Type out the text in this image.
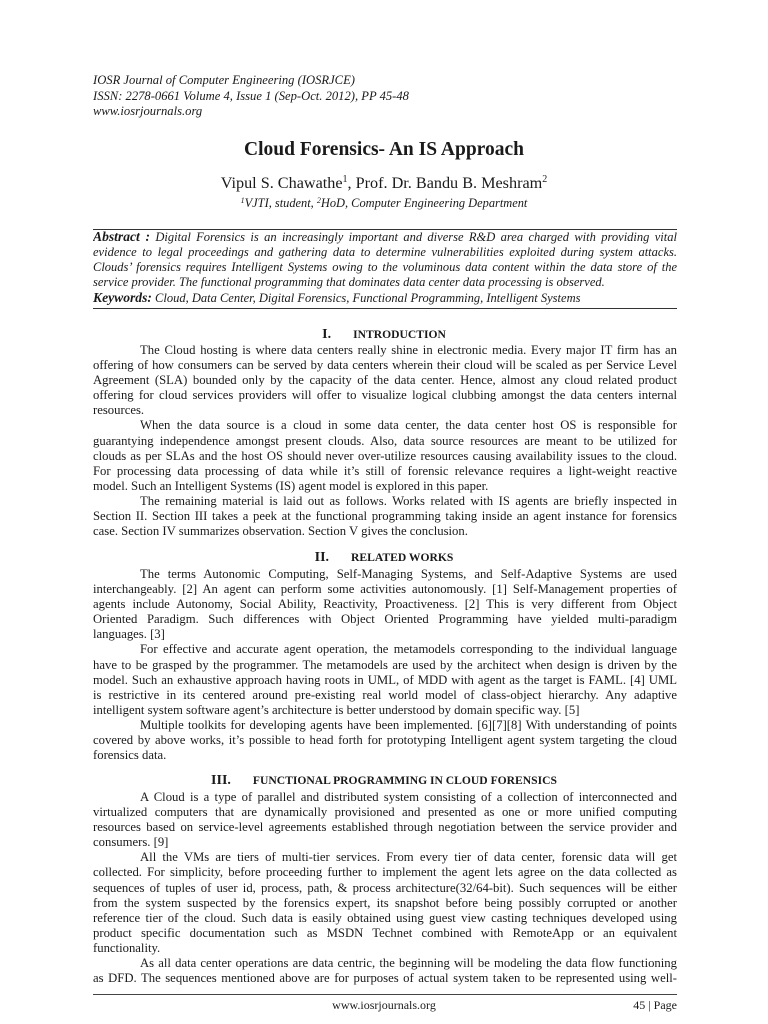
IOSR Journal of Computer Engineering (IOSRJCE)
ISSN: 2278-0661 Volume 4, Issue 1 (Sep-Oct. 2012), PP 45-48
www.iosrjournals.org
Cloud Forensics- An IS Approach
Vipul S. Chawathe$^1$, Prof. Dr. Bandu B. Meshram$^2$
$^1$VJTI, student, $^2$HoD, Computer Engineering Department
Abstract : Digital Forensics is an increasingly important and diverse R&D area charged with providing vital
evidence to legal proceedings and gathering data to determine vulnerabilities exploited during system attacks.
Clouds’ forensics requires Intelligent Systems owing to the voluminous data content within the data store of the
service provider. The functional programming that dominates data center data processing is observed.
Keywords: Cloud, Data Center, Digital Forensics, Functional Programming, Intelligent Systems
I. INTRODUCTION
The Cloud hosting is where data centers really shine in electronic media. Every major IT firm has an
offering of how consumers can be served by data centers wherein their cloud will be scaled as per Service Level
Agreement (SLA) bounded only by the capacity of the data center. Hence, almost any cloud related product
offering for cloud services providers will offer to visualize logical clubbing amongst the data centers internal
resources.
When the data source is a cloud in some data center, the data center host OS is responsible for
guarantying independence amongst present clouds. Also, data source resources are meant to be utilized for
clouds as per SLAs and the host OS should never over-utilize resources causing availability issues to the cloud.
For processing data processing of data while it’s still of forensic relevance requires a light-weight reactive
model. Such an Intelligent Systems (IS) agent model is explored in this paper.
The remaining material is laid out as follows. Works related with IS agents are briefly inspected in
Section II. Section III takes a peek at the functional programming taking inside an agent instance for forensics
case. Section IV summarizes observation. Section V gives the conclusion.
II. RELATED WORKS
The terms Autonomic Computing, Self-Managing Systems, and Self-Adaptive Systems are used
interchangeably. [2] An agent can perform some activities autonomously. [1] Self-Management properties of
agents include Autonomy, Social Ability, Reactivity, Proactiveness. [2] This is very different from Object
Oriented Paradigm. Such differences with Object Oriented Programming have yielded multi-paradigm
languages. [3]
For effective and accurate agent operation, the metamodels corresponding to the individual language
have to be grasped by the programmer. The metamodels are used by the architect when design is driven by the
model. Such an exhaustive approach having roots in UML, of MDD with agent as the target is FAML. [4] UML
is restrictive in its centered around pre-existing real world model of class-object hierarchy. Any adaptive
intelligent system software agent’s architecture is better understood by domain specific way. [5]
Multiple toolkits for developing agents have been implemented. [6][7][8] With understanding of points
covered by above works, it’s possible to head forth for prototyping Intelligent agent system targeting the cloud
forensics data.
III. FUNCTIONAL PROGRAMMING IN CLOUD FORENSICS
A Cloud is a type of parallel and distributed system consisting of a collection of interconnected and
virtualized computers that are dynamically provisioned and presented as one or more unified computing
resources based on service-level agreements established through negotiation between the service provider and
consumers. [9]
All the VMs are tiers of multi-tier services. From every tier of data center, forensic data will get
collected. For simplicity, before proceeding further to implement the agent lets agree on the data collected as
sequences of tuples of user id, process, path, & process architecture(32/64-bit). Such sequences will be either
from the system suspected by the forensics expert, its snapshot before being possibly corrupted or another
reference tier of the cloud. Such data is easily obtained using guest view casting techniques developed using
product specific documentation such as MSDN Technet combined with RemoteApp or an equivalent
functionality.
As all data center operations are data centric, the beginning will be modeling the data flow functioning
as DFD. The sequences mentioned above are for purposes of actual system taken to be represented using well-
www.iosrjournals.org	45 | Page
